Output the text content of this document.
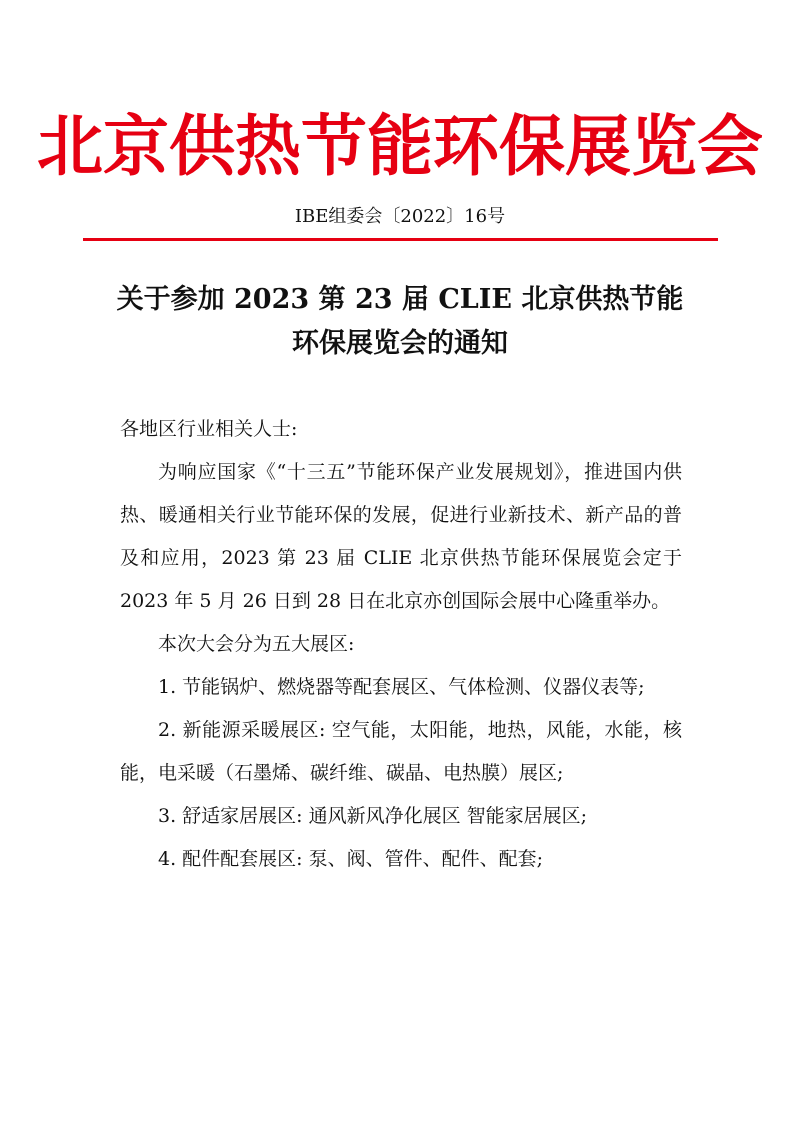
北京供热节能环保展览会
IBE组委会〔2022〕16号
关于参加 2023 第 23 届 CLIE 北京供热节能
环保展览会的通知

各地区行业相关人士:

为响应国家《“十三五”节能环保产业发展规划》，推进国内供热、暖通相关行业节能环保的发展，促进行业新技术、新产品的普及和应用，2023 第 23 届 CLIE 北京供热节能环保展览会定于 2023 年 5 月 26 日到 28 日在北京亦创国际会展中心隆重举办。

本次大会分为五大展区:

1. 节能锅炉、燃烧器等配套展区、气体检测、仪器仪表等;

2. 新能源采暖展区: 空气能，太阳能，地热，风能，水能，核能，电采暖（石墨烯、碳纤维、碳晶、电热膜）展区;

3. 舒适家居展区: 通风新风净化展区 智能家居展区;

4. 配件配套展区: 泵、阀、管件、配件、配套;
